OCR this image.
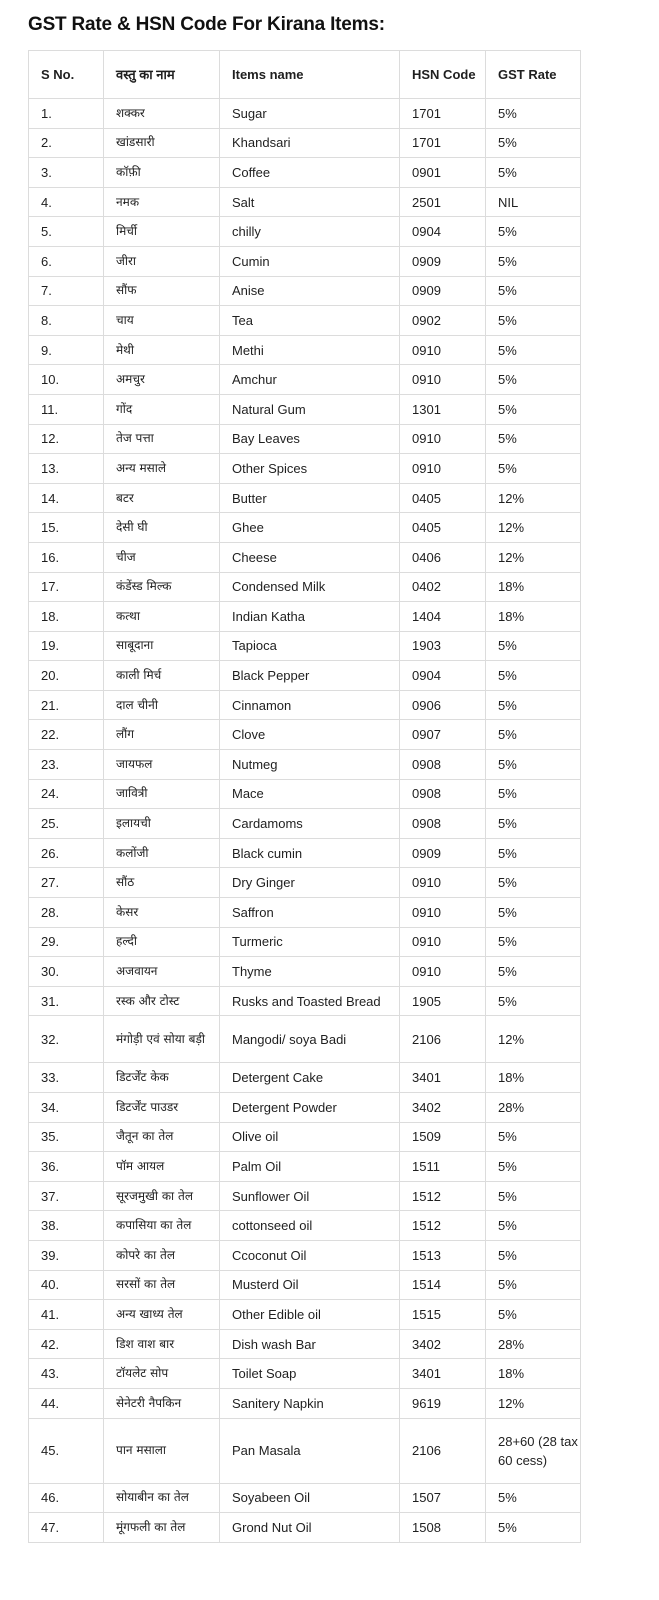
GST Rate & HSN Code For Kirana Items:
S No.	वस्तु का नाम	Items name	HSN Code	GST Rate
1.	शक्कर	Sugar	1701	5%
2.	खांडसारी	Khandsari	1701	5%
3.	कॉफ़ी	Coffee	0901	5%
4.	नमक	Salt	2501	NIL
5.	मिर्ची	chilly	0904	5%
6.	जीरा	Cumin	0909	5%
7.	सौंफ	Anise	0909	5%
8.	चाय	Tea	0902	5%
9.	मेथी	Methi	0910	5%
10.	अमचुर	Amchur	0910	5%
11.	गोंद	Natural Gum	1301	5%
12.	तेज पत्ता	Bay Leaves	0910	5%
13.	अन्य मसाले	Other Spices	0910	5%
14.	बटर	Butter	0405	12%
15.	देसी घी	Ghee	0405	12%
16.	चीज	Cheese	0406	12%
17.	कंडेंस्ड मिल्क	Condensed Milk	0402	18%
18.	कत्था	Indian Katha	1404	18%
19.	साबूदाना	Tapioca	1903	5%
20.	काली मिर्च	Black Pepper	0904	5%
21.	दाल चीनी	Cinnamon	0906	5%
22.	लौंग	Clove	0907	5%
23.	जायफल	Nutmeg	0908	5%
24.	जावित्री	Mace	0908	5%
25.	इलायची	Cardamoms	0908	5%
26.	कलोंजी	Black cumin	0909	5%
27.	सौंठ	Dry Ginger	0910	5%
28.	केसर	Saffron	0910	5%
29.	हल्दी	Turmeric	0910	5%
30.	अजवायन	Thyme	0910	5%
31.	रस्क और टोस्ट	Rusks and Toasted Bread	1905	5%
32.	मंगोड़ी एवं सोया बड़ी	Mangodi/ soya Badi	2106	12%
33.	डिटर्जेंट केक	Detergent Cake	3401	18%
34.	डिटर्जेंट पाउडर	Detergent Powder	3402	28%
35.	जैतून का तेल	Olive oil	1509	5%
36.	पॉम आयल	Palm Oil	1511	5%
37.	सूरजमुखी का तेल	Sunflower Oil	1512	5%
38.	कपासिया का तेल	cottonseed oil	1512	5%
39.	कोपरे का तेल	Ccoconut Oil	1513	5%
40.	सरसों का तेल	Musterd Oil	1514	5%
41.	अन्य खाध्य तेल	Other Edible oil	1515	5%
42.	डिश वाश बार	Dish wash Bar	3402	28%
43.	टॉयलेट सोप	Toilet Soap	3401	18%
44.	सेनेटरी नैपकिन	Sanitery Napkin	9619	12%
45.	पान मसाला	Pan Masala	2106	28+60 (28 tax 60 cess)
46.	सोयाबीन का तेल	Soyabeen Oil	1507	5%
47.	मूंगफली का तेल	Grond Nut Oil	1508	5%
